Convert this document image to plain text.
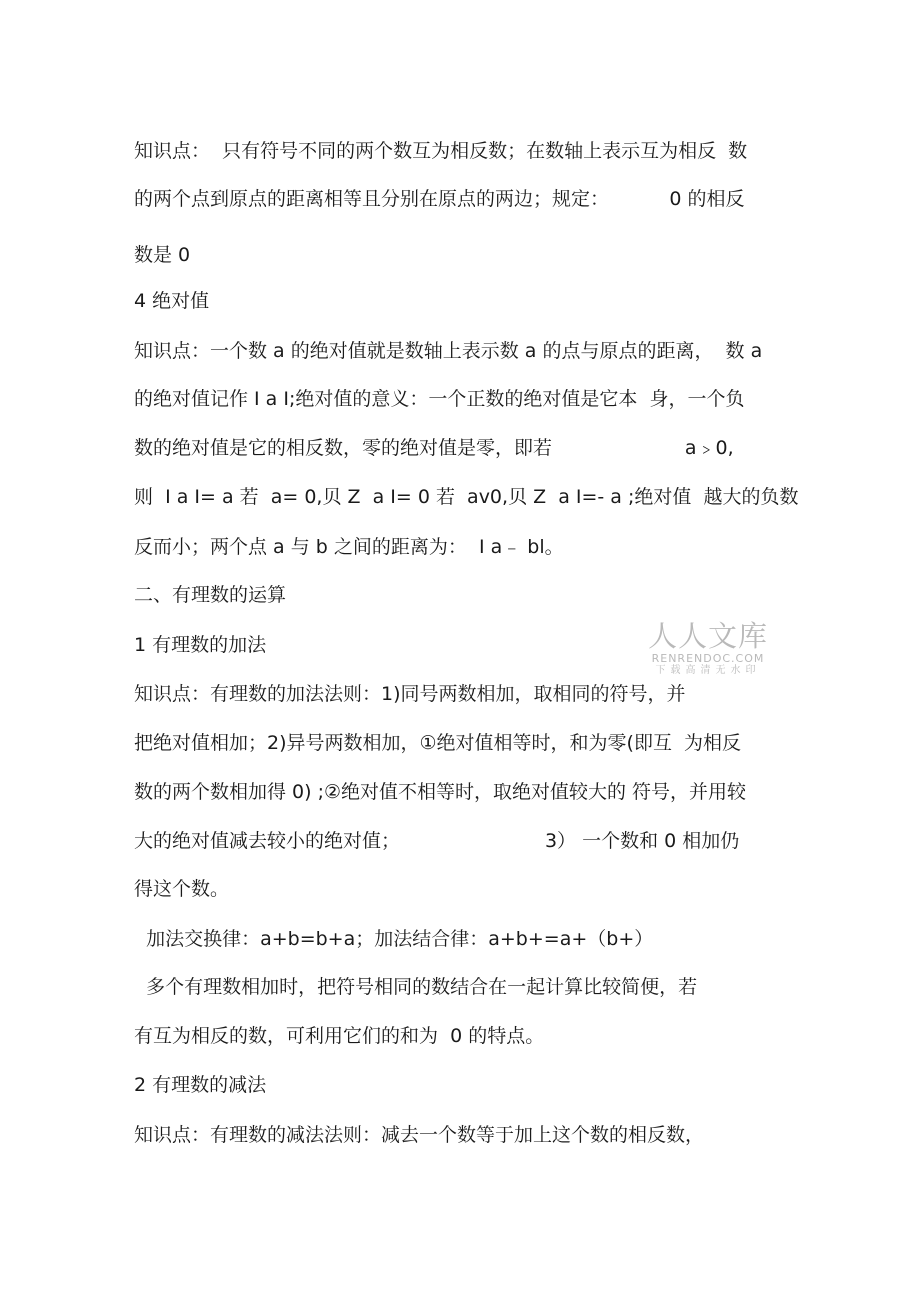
知识点：  只有符号不同的两个数互为相反数；在数轴上表示互为相反  数

的两个点到原点的距离相等且分别在原点的两边；规定：          0 的相反

数是 0

4 绝对值

知识点：一个数 a 的绝对值就是数轴上表示数 a 的点与原点的距离，  数 a

的绝对值记作 I a I;绝对值的意义：一个正数的绝对值是它本  身，一个负

数的绝对值是它的相反数，零的绝对值是零，即若                      a﹥0,

则  I a I= a 若  a= 0,贝 Z  a I= 0 若  av0,贝 Z  a I=- a ;绝对值  越大的负数

反而小；两个点 a 与 b 之间的距离为：  I a﹣ bl。

二、有理数的运算

1 有理数的加法

知识点：有理数的加法法则：1)同号两数相加，取相同的符号，并

把绝对值相加；2)异号两数相加，①绝对值相等时，和为零(即互  为相反

数的两个数相加得 0) ;②绝对值不相等时，取绝对值较大的 符号，并用较

大的绝对值减去较小的绝对值；                        3） 一个数和 0 相加仍

得这个数。

加法交换律：a+b=b+a；加法结合律：a+b+=a+（b+）

多个有理数相加时，把符号相同的数结合在一起计算比较简便，若

有互为相反的数，可利用它们的和为  0 的特点。

2 有理数的减法

知识点：有理数的减法法则：减去一个数等于加上这个数的相反数，

人人文库
RENRENDOC.COM
下载高清无水印
